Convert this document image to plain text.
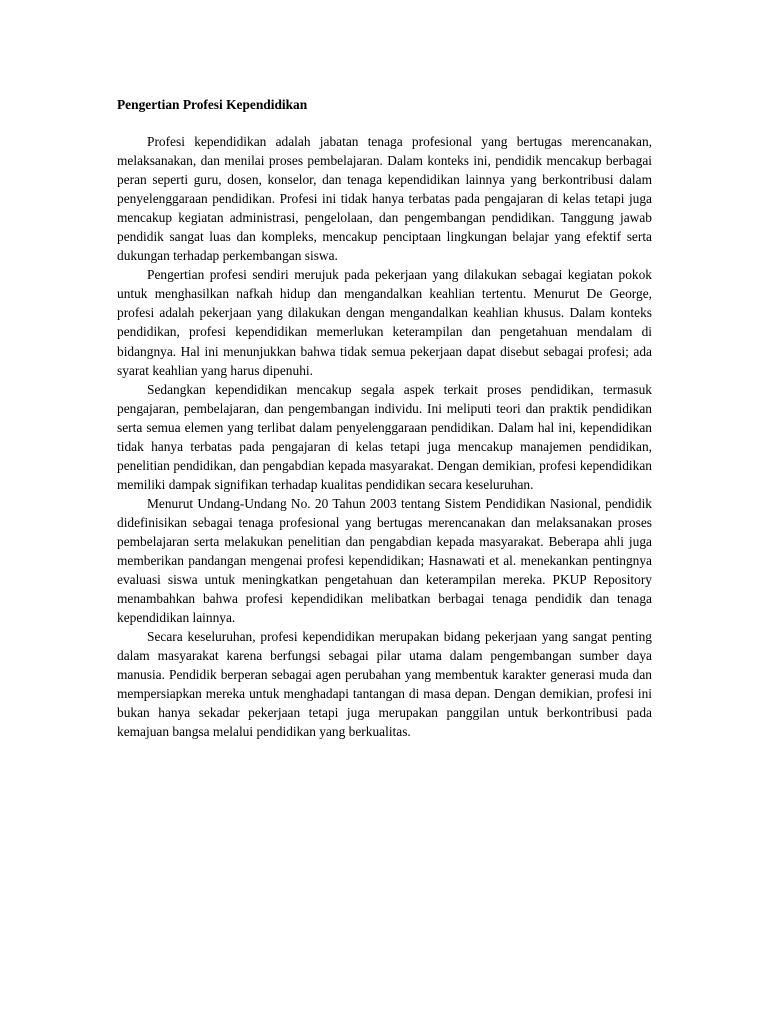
Pengertian Profesi Kependidikan

Profesi kependidikan adalah jabatan tenaga profesional yang bertugas merencanakan, melaksanakan, dan menilai proses pembelajaran. Dalam konteks ini, pendidik mencakup berbagai peran seperti guru, dosen, konselor, dan tenaga kependidikan lainnya yang berkontribusi dalam penyelenggaraan pendidikan. Profesi ini tidak hanya terbatas pada pengajaran di kelas tetapi juga mencakup kegiatan administrasi, pengelolaan, dan pengembangan pendidikan. Tanggung jawab pendidik sangat luas dan kompleks, mencakup penciptaan lingkungan belajar yang efektif serta dukungan terhadap perkembangan siswa.

Pengertian profesi sendiri merujuk pada pekerjaan yang dilakukan sebagai kegiatan pokok untuk menghasilkan nafkah hidup dan mengandalkan keahlian tertentu. Menurut De George, profesi adalah pekerjaan yang dilakukan dengan mengandalkan keahlian khusus. Dalam konteks pendidikan, profesi kependidikan memerlukan keterampilan dan pengetahuan mendalam di bidangnya. Hal ini menunjukkan bahwa tidak semua pekerjaan dapat disebut sebagai profesi; ada syarat keahlian yang harus dipenuhi.

Sedangkan kependidikan mencakup segala aspek terkait proses pendidikan, termasuk pengajaran, pembelajaran, dan pengembangan individu. Ini meliputi teori dan praktik pendidikan serta semua elemen yang terlibat dalam penyelenggaraan pendidikan. Dalam hal ini, kependidikan tidak hanya terbatas pada pengajaran di kelas tetapi juga mencakup manajemen pendidikan, penelitian pendidikan, dan pengabdian kepada masyarakat. Dengan demikian, profesi kependidikan memiliki dampak signifikan terhadap kualitas pendidikan secara keseluruhan.

Menurut Undang-Undang No. 20 Tahun 2003 tentang Sistem Pendidikan Nasional, pendidik didefinisikan sebagai tenaga profesional yang bertugas merencanakan dan melaksanakan proses pembelajaran serta melakukan penelitian dan pengabdian kepada masyarakat. Beberapa ahli juga memberikan pandangan mengenai profesi kependidikan; Hasnawati et al. menekankan pentingnya evaluasi siswa untuk meningkatkan pengetahuan dan keterampilan mereka. PKUP Repository menambahkan bahwa profesi kependidikan melibatkan berbagai tenaga pendidik dan tenaga kependidikan lainnya.

Secara keseluruhan, profesi kependidikan merupakan bidang pekerjaan yang sangat penting dalam masyarakat karena berfungsi sebagai pilar utama dalam pengembangan sumber daya manusia. Pendidik berperan sebagai agen perubahan yang membentuk karakter generasi muda dan mempersiapkan mereka untuk menghadapi tantangan di masa depan. Dengan demikian, profesi ini bukan hanya sekadar pekerjaan tetapi juga merupakan panggilan untuk berkontribusi pada kemajuan bangsa melalui pendidikan yang berkualitas.
